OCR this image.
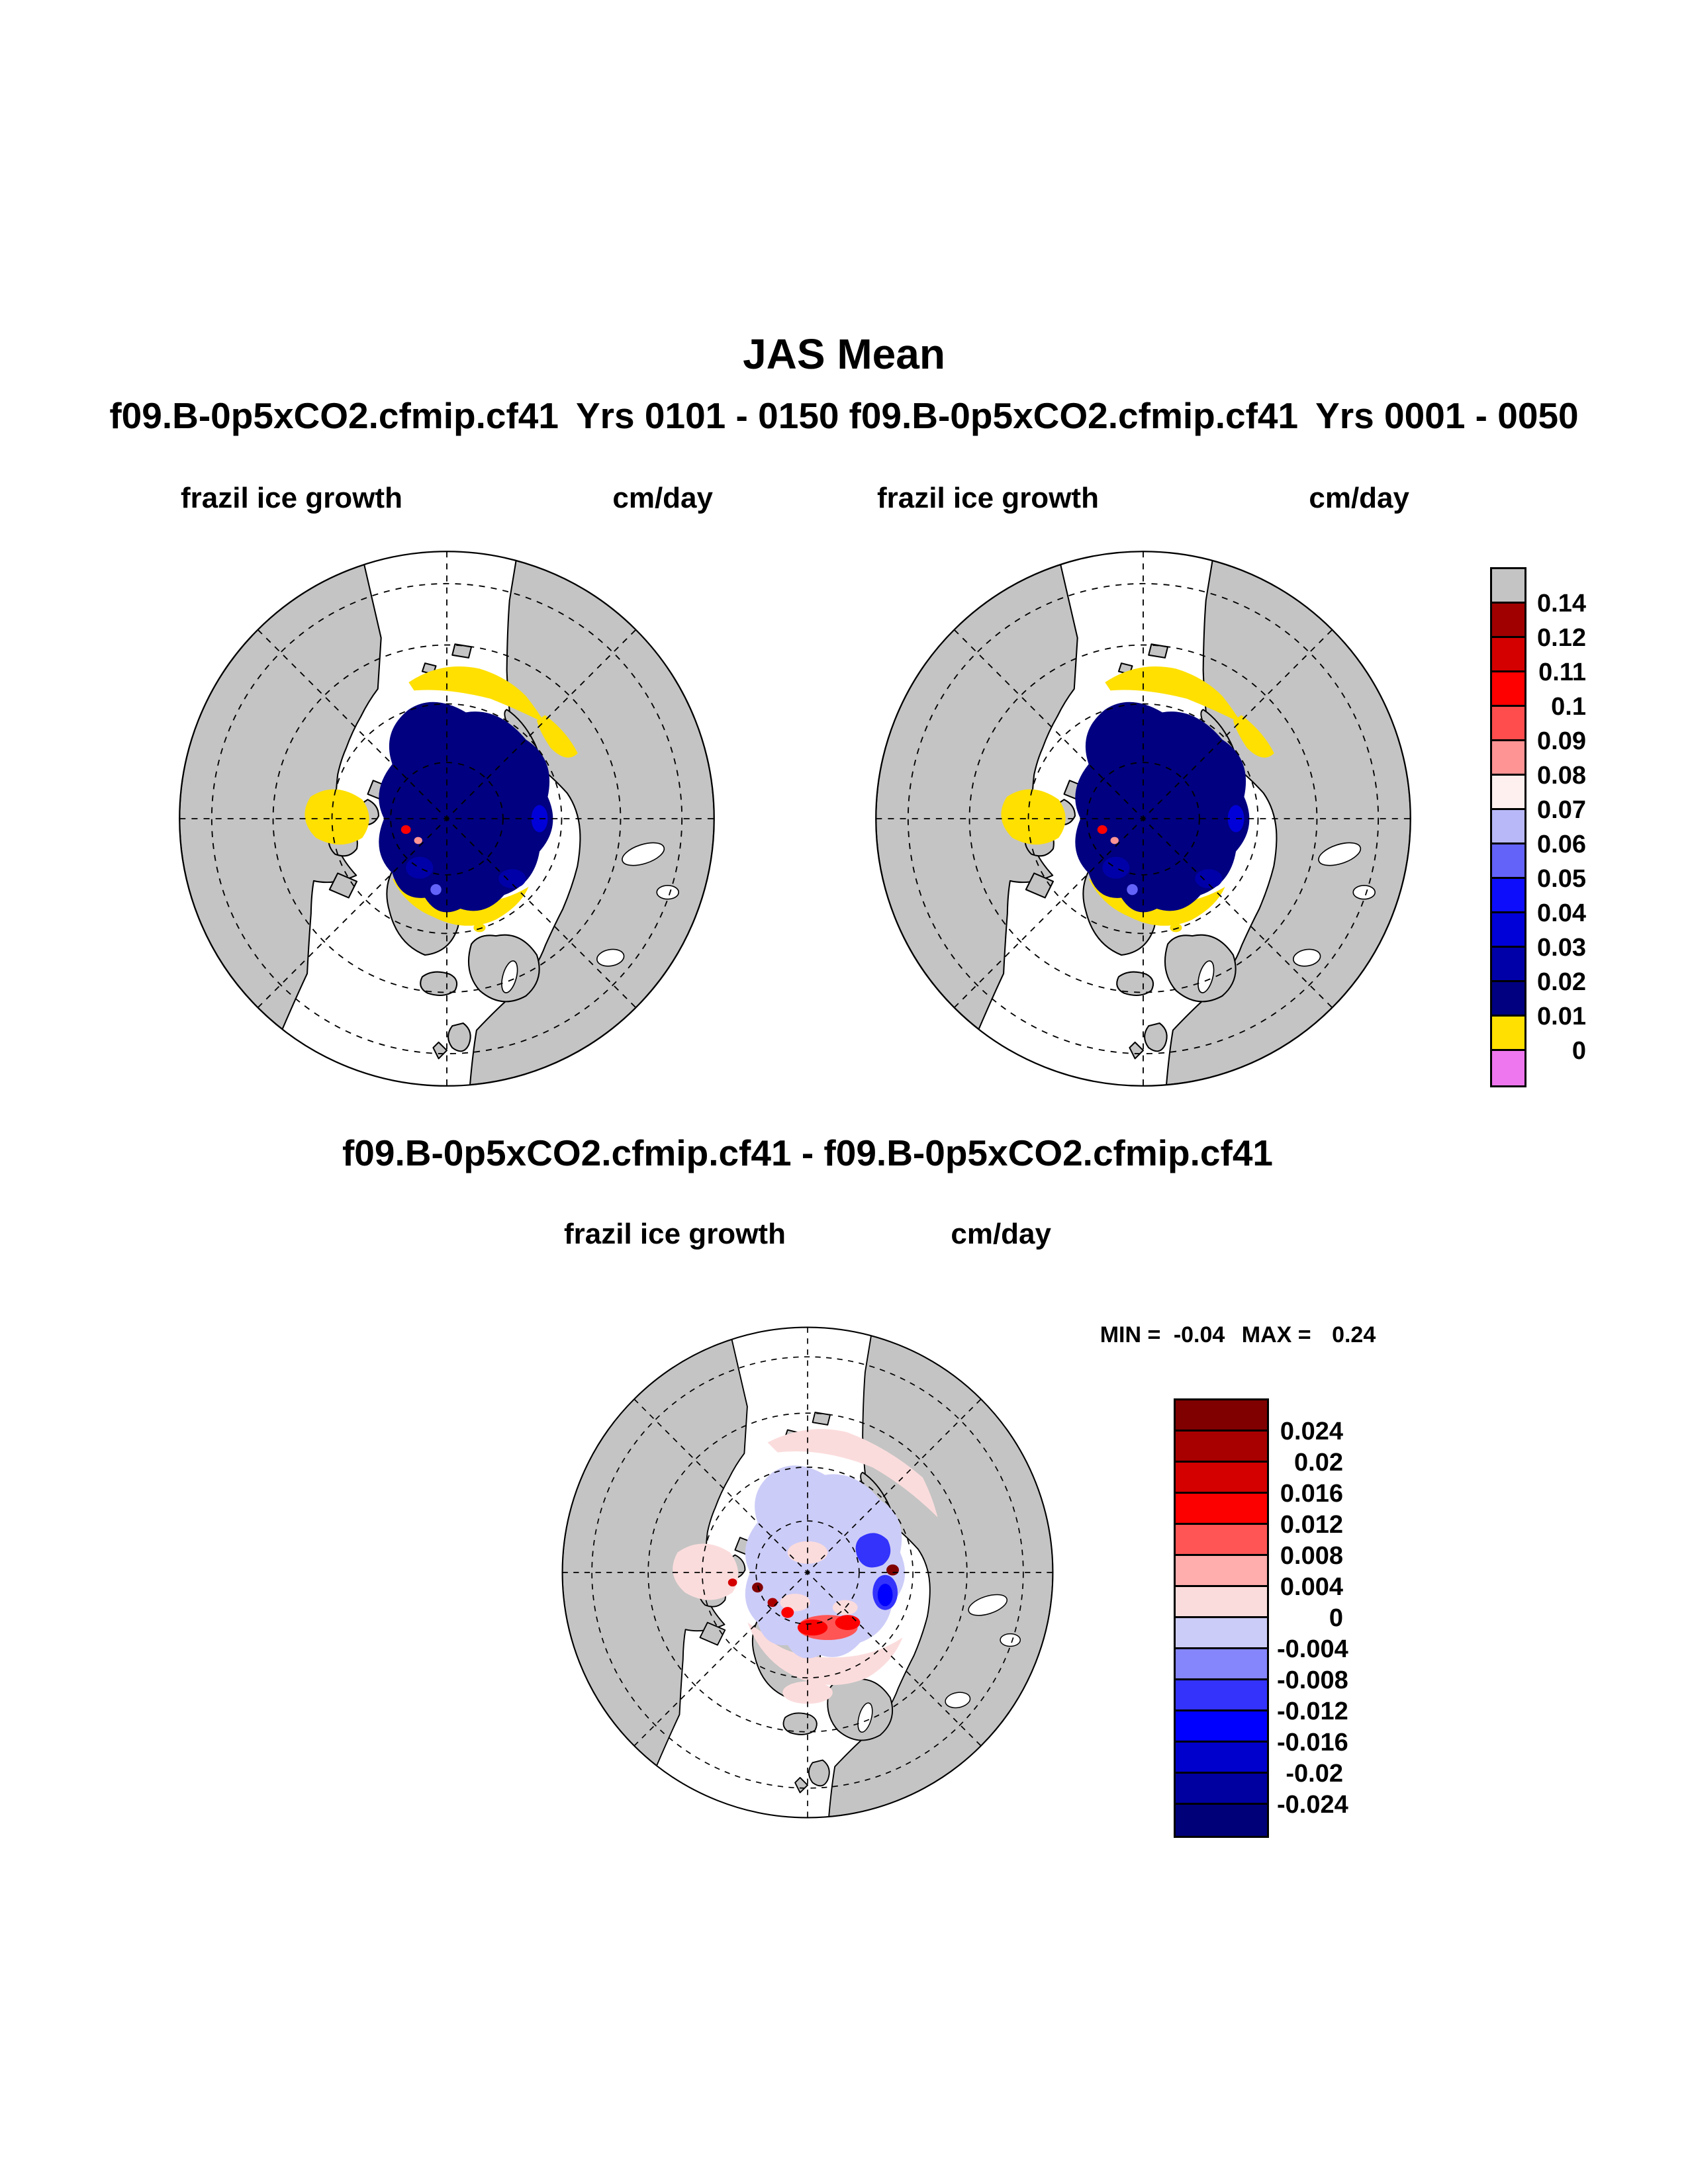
JAS Mean
f09.B-0p5xCO2.cfmip.cf41 Yrs 0101 - 0150 f09.B-0p5xCO2.cfmip.cf41 Yrs 0001 - 0050
frazil ice growth	cm/day	frazil ice growth	cm/day
0.14
0.12
0.11
0.1
0.09
0.08
0.07
0.06
0.05
0.04
0.03
0.02
0.01
0
f09.B-0p5xCO2.cfmip.cf41 - f09.B-0p5xCO2.cfmip.cf41
frazil ice growth	cm/day
MIN = -0.04 MAX = 0.24
0.024
0.02
0.016
0.012
0.008
0.004
0
-0.004
-0.008
-0.012
-0.016
-0.02
-0.024
